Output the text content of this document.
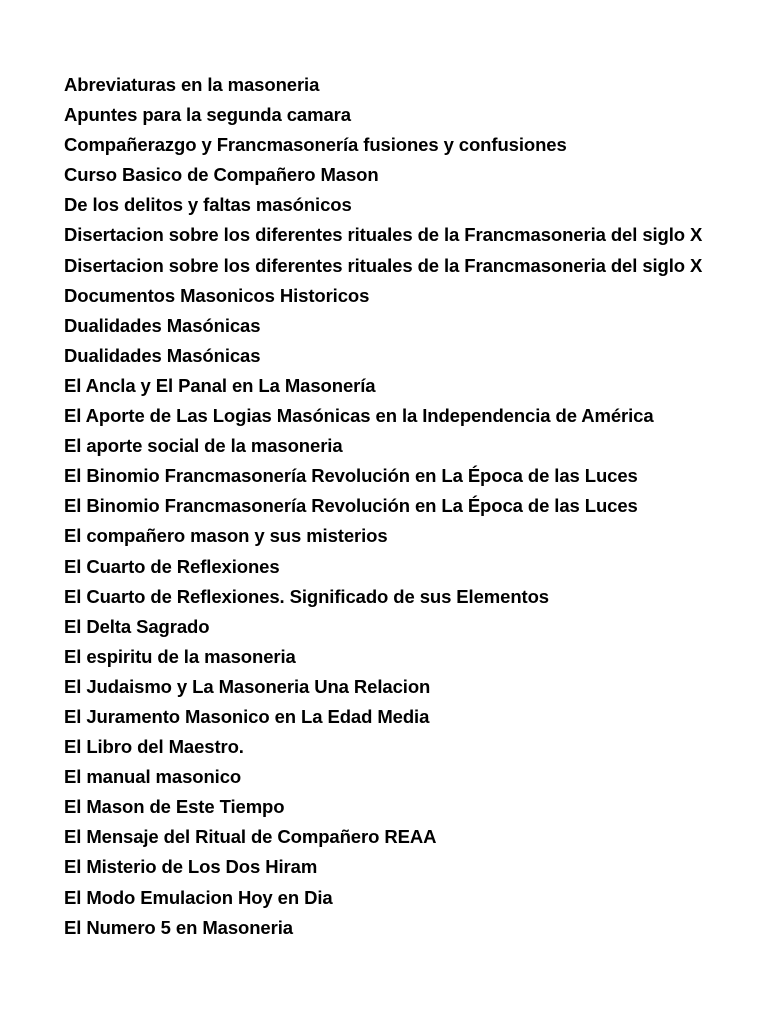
Abreviaturas en la masoneria
Apuntes para la segunda camara
Compañerazgo y Francmasonería fusiones y confusiones
Curso Basico de Compañero Mason
De los delitos y faltas masónicos
Disertacion sobre los diferentes rituales de la Francmasoneria del siglo X
Disertacion sobre los diferentes rituales de la Francmasoneria del siglo X
Documentos Masonicos Historicos
Dualidades Masónicas
Dualidades Masónicas
El Ancla y El Panal en La Masonería
El Aporte de Las Logias Masónicas en la Independencia de América
El aporte social de la masoneria
El Binomio Francmasonería Revolución en La Época de las Luces
El Binomio Francmasonería Revolución en La Época de las Luces
El compañero mason y sus misterios
El Cuarto de Reflexiones
El Cuarto de Reflexiones. Significado de sus Elementos
El Delta Sagrado
El espiritu de la masoneria
El Judaismo y La Masoneria Una Relacion
El Juramento Masonico en La Edad Media
El Libro del Maestro.
El manual masonico
El Mason de Este Tiempo
El Mensaje del Ritual de Compañero REAA
El Misterio de Los Dos Hiram
El Modo Emulacion Hoy en Dia
El Numero 5 en Masoneria
